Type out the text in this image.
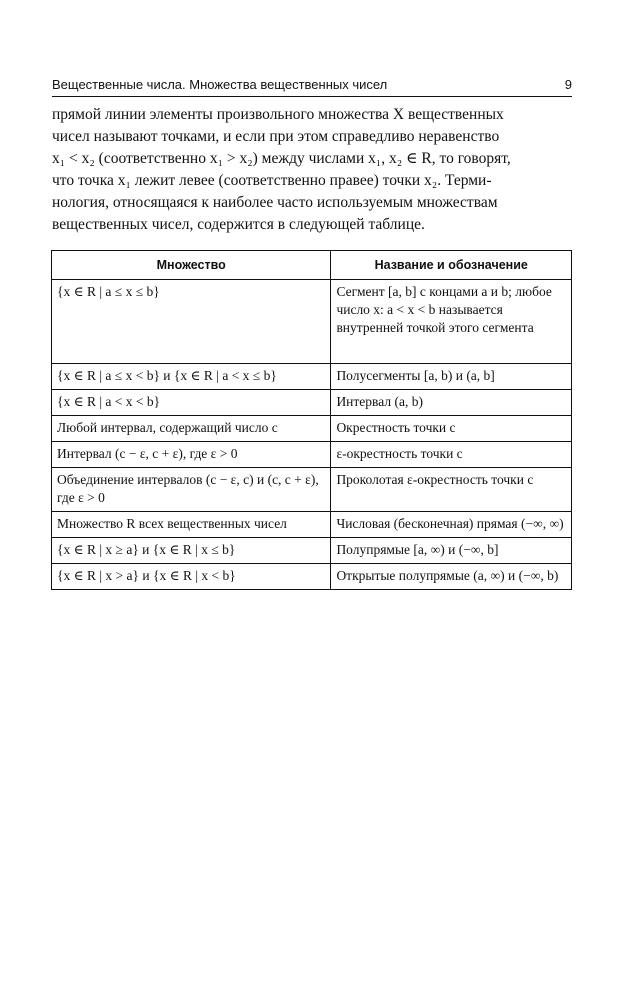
Вещественные числа. Множества вещественных чисел	9

прямой линии элементы произвольного множества X вещественных

чисел называют точками, и если при этом справедливо неравенство

x₁ < x₂ (соответственно x₁ > x₂) между числами x₁, x₂ ∈ R, то говорят,

что точка x₁ лежит левее (соответственно правее) точки x₂. Терми-

нология, относящаяся к наиболее часто используемым множествам

вещественных чисел, содержится в следующей таблице.

Множество	Название и обозначение
{x ∈ R | a ≤ x ≤ b}	Сегмент [a, b] с концами a и b; любое число x: a < x < b называется внутренней точкой этого сегмента
{x ∈ R | a ≤ x < b} и {x ∈ R | a < x ≤ b}	Полусегменты [a, b) и (a, b]
{x ∈ R | a < x < b}	Интервал (a, b)
Любой интервал, содержащий число c	Окрестность точки c
Интервал (c − ε, c + ε), где ε > 0	ε-окрестность точки c
Объединение интервалов (c − ε, c) и (c, c + ε), где ε > 0	Проколотая ε-окрестность точки c
Множество R всех вещественных чисел	Числовая (бесконечная) прямая (−∞, ∞)
{x ∈ R | x ≥ a} и {x ∈ R | x ≤ b}	Полупрямые [a, ∞) и (−∞, b]
{x ∈ R | x > a} и {x ∈ R | x < b}	Открытые полупрямые (a, ∞) и (−∞, b)
